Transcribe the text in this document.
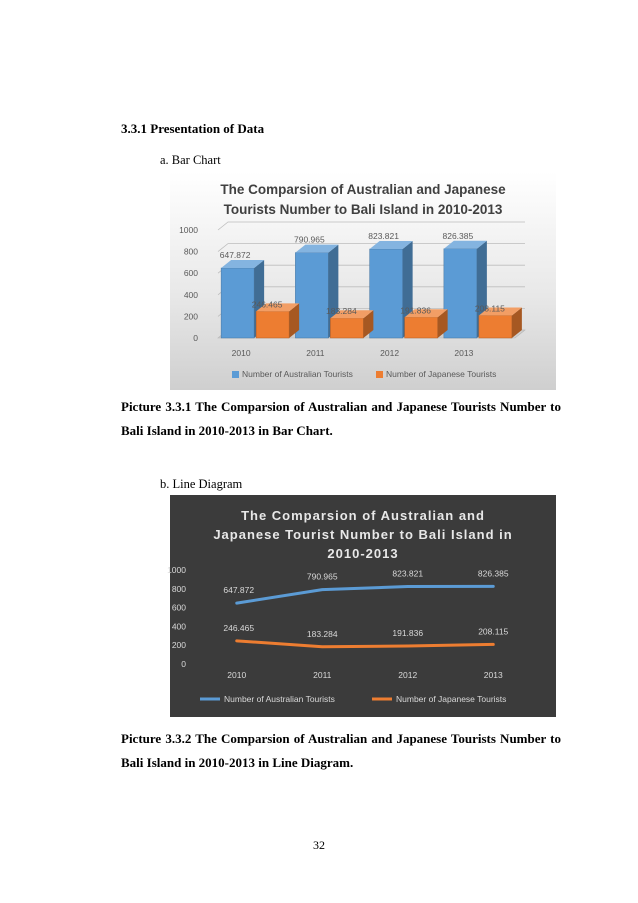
3.3.1 Presentation of Data
a. Bar Chart
The Comparsion of Australian and Japanese
Tourists Number to Bali Island in 2010-2013
0
200
400
600
800
1000
2010	2011	2012	2013
647.872
790.965	823.821	826.385
246.465
183.284	191.836	208.115
Number of Australian Tourists	Number of Japanese Tourists
Picture 3.3.1 The Comparsion of Australian and Japanese Tourists Number to Bali Island in 2010-2013 in Bar Chart.
b. Line Diagram
The Comparsion of Australian and
Japanese Tourist Number to Bali Island in
2010-2013
0
200
400
600
800
1000
2010	2011	2012	2013
647.872
790.965	823.821	826.385
246.465
183.284	191.836	208.115
Number of Australian Tourists	Number of Japanese Tourists
Picture 3.3.2 The Comparsion of Australian and Japanese Tourists Number to Bali Island in 2010-2013 in Line Diagram.
32
